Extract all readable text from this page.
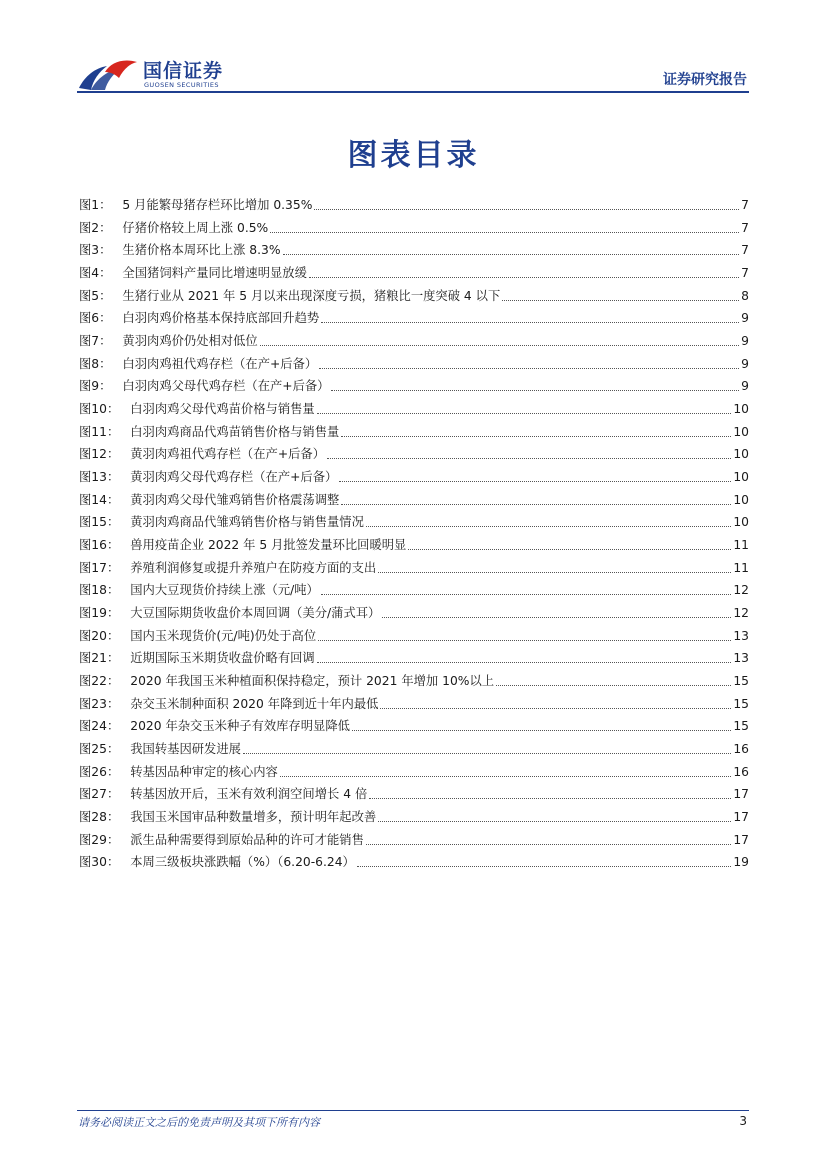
国信证券
GUOSEN SECURITIES	证券研究报告
图表目录
图1： 5 月能繁母猪存栏环比增加 0.35%	7
图2： 仔猪价格较上周上涨 0.5%	7
图3： 生猪价格本周环比上涨 8.3%	7
图4： 全国猪饲料产量同比增速明显放缓	7
图5： 生猪行业从 2021 年 5 月以来出现深度亏损，猪粮比一度突破 4 以下	8
图6： 白羽肉鸡价格基本保持底部回升趋势	9
图7： 黄羽肉鸡价仍处相对低位	9
图8： 白羽肉鸡祖代鸡存栏（在产+后备）	9
图9： 白羽肉鸡父母代鸡存栏（在产+后备）	9
图10： 白羽肉鸡父母代鸡苗价格与销售量	10
图11： 白羽肉鸡商品代鸡苗销售价格与销售量	10
图12： 黄羽肉鸡祖代鸡存栏（在产+后备）	10
图13： 黄羽肉鸡父母代鸡存栏（在产+后备）	10
图14： 黄羽肉鸡父母代雏鸡销售价格震荡调整	10
图15： 黄羽肉鸡商品代雏鸡销售价格与销售量情况	10
图16： 兽用疫苗企业 2022 年 5 月批签发量环比回暖明显	11
图17： 养殖利润修复或提升养殖户在防疫方面的支出	11
图18： 国内大豆现货价持续上涨（元/吨）	12
图19： 大豆国际期货收盘价本周回调（美分/蒲式耳）	12
图20： 国内玉米现货价(元/吨)仍处于高位	13
图21： 近期国际玉米期货收盘价略有回调	13
图22： 2020 年我国玉米种植面积保持稳定，预计 2021 年增加 10%以上	15
图23： 杂交玉米制种面积 2020 年降到近十年内最低	15
图24： 2020 年杂交玉米种子有效库存明显降低	15
图25： 我国转基因研发进展	16
图26： 转基因品种审定的核心内容	16
图27： 转基因放开后，玉米有效利润空间增长 4 倍	17
图28： 我国玉米国审品种数量增多，预计明年起改善	17
图29： 派生品种需要得到原始品种的许可才能销售	17
图30： 本周三级板块涨跌幅（%）（6.20-6.24）	19
请务必阅读正文之后的免责声明及其项下所有内容	3
